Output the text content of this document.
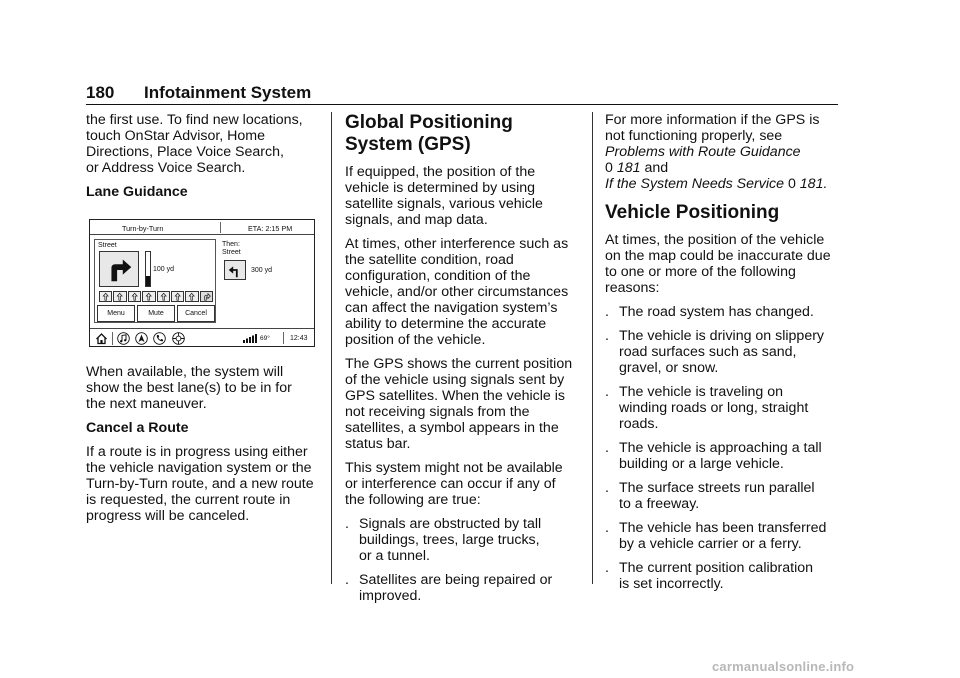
180 Infotainment System
the first use. To find new locations,
touch OnStar Advisor, Home
Directions, Place Voice Search,
or Address Voice Search.
Lane Guidance
When available, the system will
show the best lane(s) to be in for
the next maneuver.
Cancel a Route
If a route is in progress using either
the vehicle navigation system or the
Turn-by-Turn route, and a new route
is requested, the current route in
progress will be canceled.
Turn-by-Turn	ETA: 2:15 PM
Street
100 yd
Menu	Mute	Cancel
Then:
Street
300 yd
69°	12:43
Global Positioning
System (GPS)
If equipped, the position of the
vehicle is determined by using
satellite signals, various vehicle
signals, and map data.
At times, other interference such as
the satellite condition, road
configuration, condition of the
vehicle, and/or other circumstances
can affect the navigation system’s
ability to determine the accurate
position of the vehicle.
The GPS shows the current position
of the vehicle using signals sent by
GPS satellites. When the vehicle is
not receiving signals from the
satellites, a symbol appears in the
status bar.
This system might not be available
or interference can occur if any of
the following are true:
. Signals are obstructed by tall
buildings, trees, large trucks,
or a tunnel.
. Satellites are being repaired or
improved.
For more information if the GPS is
not functioning properly, see
Problems with Route Guidance
0 181 and
If the System Needs Service 0 181.
Vehicle Positioning
At times, the position of the vehicle
on the map could be inaccurate due
to one or more of the following
reasons:
. The road system has changed.
. The vehicle is driving on slippery
road surfaces such as sand,
gravel, or snow.
. The vehicle is traveling on
winding roads or long, straight
roads.
. The vehicle is approaching a tall
building or a large vehicle.
. The surface streets run parallel
to a freeway.
. The vehicle has been transferred
by a vehicle carrier or a ferry.
. The current position calibration
is set incorrectly.
carmanualsonline.info
